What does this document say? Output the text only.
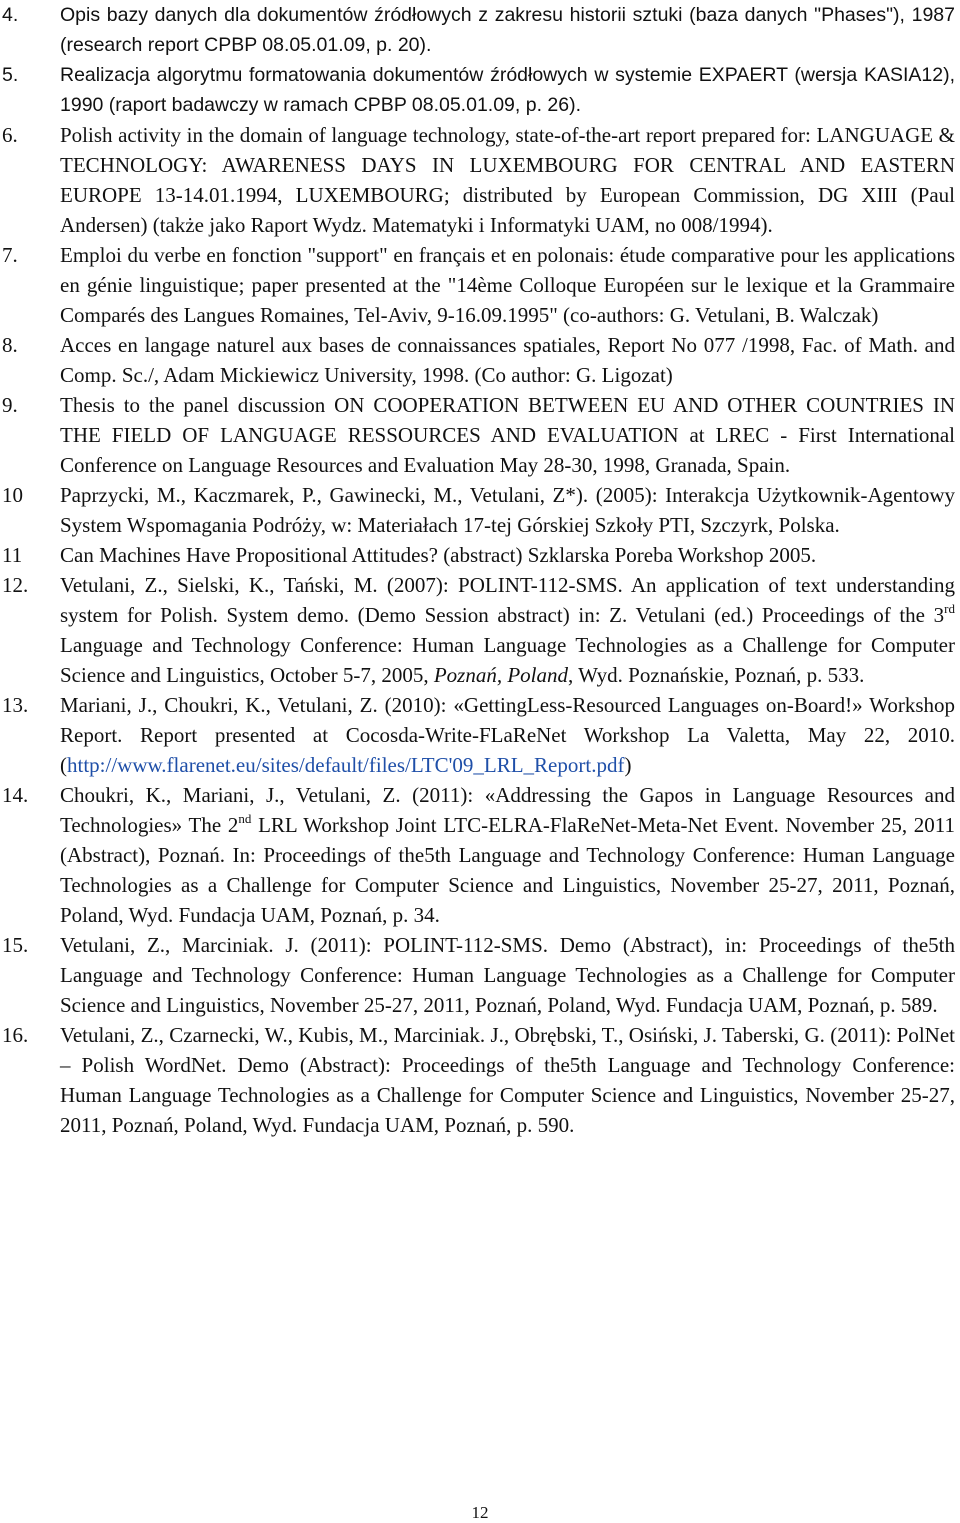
4. Opis bazy danych dla dokumentów źródłowych z zakresu historii sztuki (baza danych "Phases"), 1987 (research report CPBP 08.05.01.09, p. 20).
5. Realizacja algorytmu formatowania dokumentów źródłowych w systemie EXPAERT (wersja KASIA12), 1990 (raport badawczy w ramach CPBP 08.05.01.09, p. 26).
6. Polish activity in the domain of language technology, state-of-the-art report prepared for: LANGUAGE & TECHNOLOGY: AWARENESS DAYS IN LUXEMBOURG FOR CENTRAL AND EASTERN EUROPE 13-14.01.1994, LUXEMBOURG; distributed by European Commission, DG XIII (Paul Andersen) (także jako Raport Wydz. Matematyki i Informatyki UAM, no 008/1994).
7. Emploi du verbe en fonction "support" en français et en polonais: étude comparative pour les applications en génie linguistique; paper presented at the "14ème Colloque Européen sur le lexique et la Grammaire Comparés des Langues Romaines, Tel-Aviv, 9-16.09.1995" (co-authors: G. Vetulani, B. Walczak)
8. Acces en langage naturel aux bases de connaissances spatiales, Report No 077 /1998, Fac. of Math. and Comp. Sc./, Adam Mickiewicz University, 1998. (Co author: G. Ligozat)
9. Thesis to the panel discussion ON COOPERATION BETWEEN EU AND OTHER COUNTRIES IN THE FIELD OF LANGUAGE RESSOURCES AND EVALUATION at LREC - First International Conference on Language Resources and Evaluation May 28-30, 1998, Granada, Spain.
10 Paprzycki, M., Kaczmarek, P., Gawinecki, M., Vetulani, Z*). (2005): Interakcja Użytkownik-Agentowy System Wspomagania Podróży, w: Materiałach 17-tej Górskiej Szkoły PTI, Szczyrk, Polska.
11 Can Machines Have Propositional Attitudes? (abstract) Szklarska Poreba Workshop 2005.
12. Vetulani, Z., Sielski, K., Tański, M. (2007): POLINT-112-SMS. An application of text understanding system for Polish. System demo. (Demo Session abstract) in: Z. Vetulani (ed.) Proceedings of the 3rd Language and Technology Conference: Human Language Technologies as a Challenge for Computer Science and Linguistics, October 5-7, 2005, Poznań, Poland, Wyd. Poznańskie, Poznań, p. 533.
13. Mariani, J., Choukri, K., Vetulani, Z. (2010): «GettingLess-Resourced Languages on-Board!» Workshop Report. Report presented at Cocosda-Write-FLaReNet Workshop La Valetta, May 22, 2010. (http://www.flarenet.eu/sites/default/files/LTC'09_LRL_Report.pdf)
14. Choukri, K., Mariani, J., Vetulani, Z. (2011): «Addressing the Gapos in Language Resources and Technologies» The 2nd LRL Workshop Joint LTC-ELRA-FlaReNet-Meta-Net Event. November 25, 2011 (Abstract), Poznań. In: Proceedings of the5th Language and Technology Conference: Human Language Technologies as a Challenge for Computer Science and Linguistics, November 25-27, 2011, Poznań, Poland, Wyd. Fundacja UAM, Poznań, p. 34.
15. Vetulani, Z., Marciniak. J. (2011): POLINT-112-SMS. Demo (Abstract), in: Proceedings of the5th Language and Technology Conference: Human Language Technologies as a Challenge for Computer Science and Linguistics, November 25-27, 2011, Poznań, Poland, Wyd. Fundacja UAM, Poznań, p. 589.
16. Vetulani, Z., Czarnecki, W., Kubis, M., Marciniak. J., Obrębski, T., Osiński, J. Taberski, G. (2011): PolNet – Polish WordNet. Demo (Abstract): Proceedings of the5th Language and Technology Conference: Human Language Technologies as a Challenge for Computer Science and Linguistics, November 25-27, 2011, Poznań, Poland, Wyd. Fundacja UAM, Poznań, p. 590.
12
